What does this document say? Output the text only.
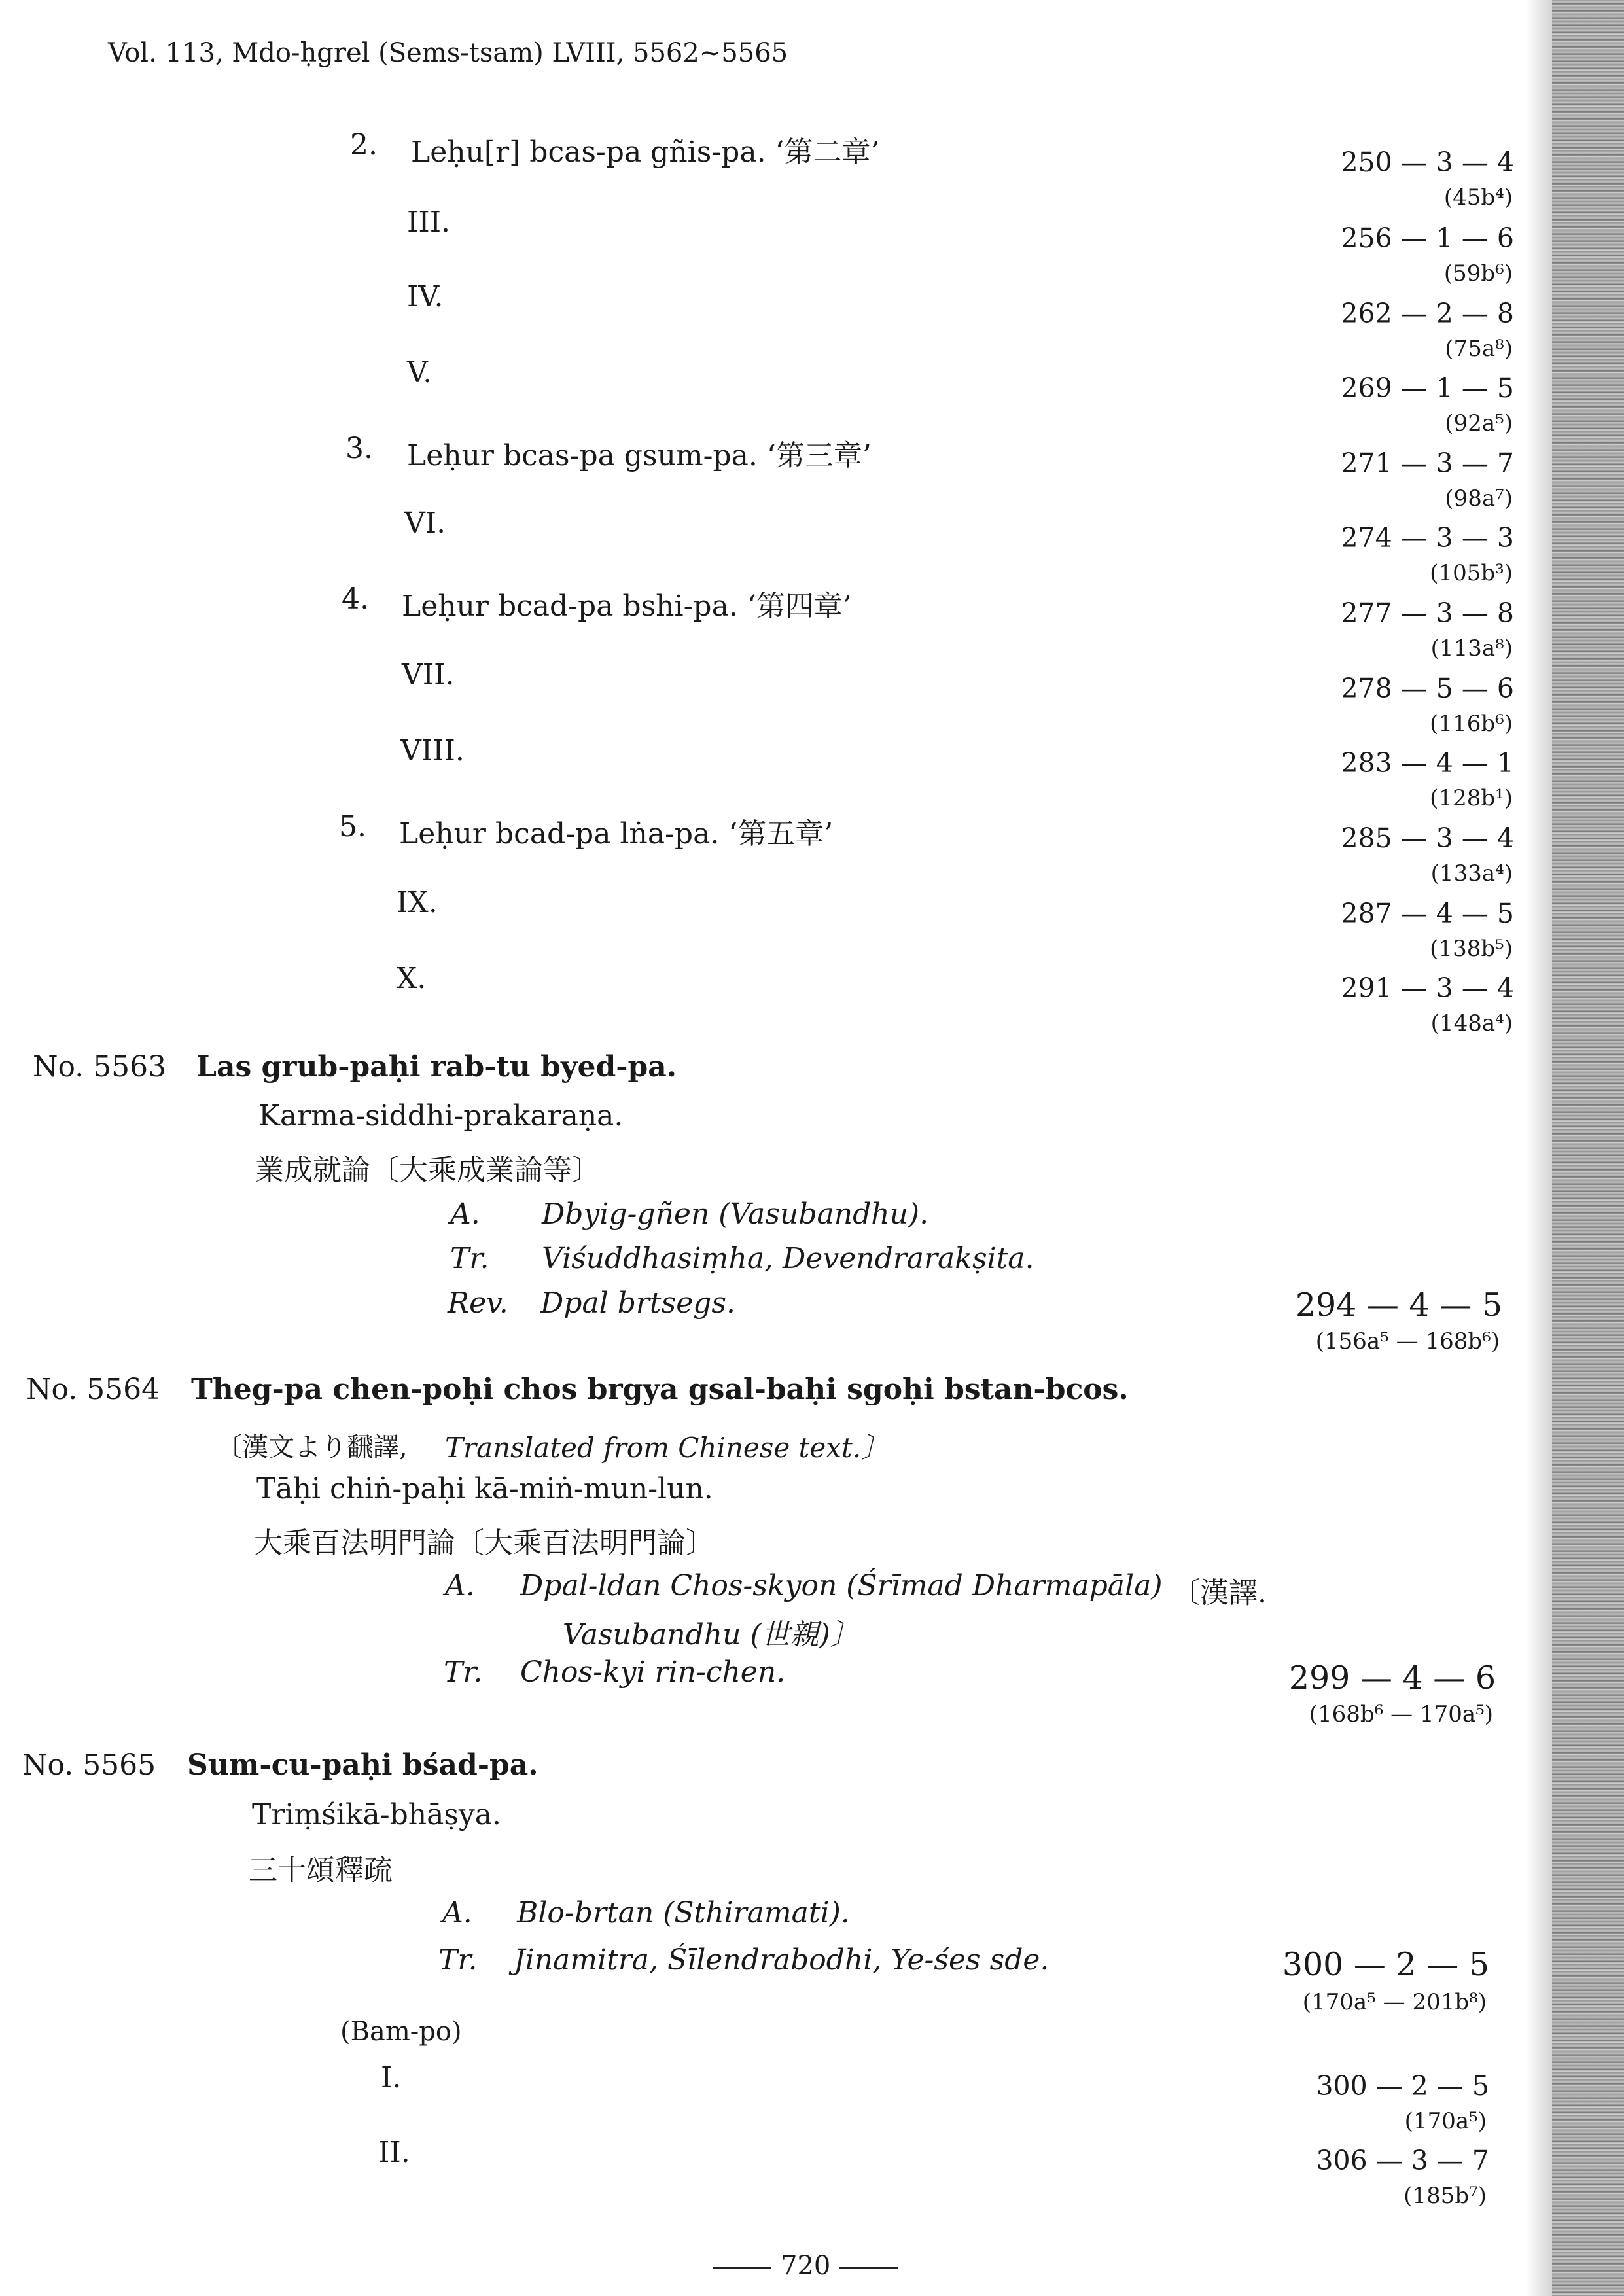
Vol. 113, Mdo-ḥgrel (Sems-tsam) LVIII, 5562∼5565
2. Leḥu[r] bcas-pa gñis-pa. ‘第二章’	250 — 3 — 4
(45b⁴)
III.	256 — 1 — 6
(59b⁶)
IV.	262 — 2 — 8
(75a⁸)
V.	269 — 1 — 5
(92a⁵)
3. Leḥur bcas-pa gsum-pa. ‘第三章’	271 — 3 — 7
(98a⁷)
VI.	274 — 3 — 3
(105b³)
4. Leḥur bcad-pa bshi-pa. ‘第四章’	277 — 3 — 8
(113a⁸)
VII.	278 — 5 — 6
(116b⁶)
VIII.	283 — 4 — 1
(128b¹)
5. Leḥur bcad-pa lṅa-pa. ‘第五章’	285 — 3 — 4
(133a⁴)
IX.	287 — 4 — 5
(138b⁵)
X.	291 — 3 — 4
(148a⁴)
No. 5563 Las grub-paḥi rab-tu byed-pa.
Karma-siddhi-prakaraṇa.
業成就論〔大乘成業論等〕
A. Dbyig-gñen (Vasubandhu).
Tr. Viśuddhasiṃha, Devendrarakṣita.
Rev. Dpal brtsegs.	294 — 4 — 5
(156a⁵ — 168b⁶)
No. 5564 Theg-pa chen-poḥi chos brgya gsal-baḥi sgoḥi bstan-bcos.
〔漢文より飜譯, Translated from Chinese text.〕
Tāḥi chiṅ-paḥi kā-miṅ-mun-lun.
大乘百法明門論〔大乘百法明門論〕
A. Dpal-ldan Chos-skyon (Śrīmad Dharmapāla) 〔漢譯.
Vasubandhu (世親)〕
Tr. Chos-kyi rin-chen.	299 — 4 — 6
(168b⁶ — 170a⁵)
No. 5565 Sum-cu-paḥi bśad-pa.
Triṃśikā-bhāṣya.
三十頌釋疏
A. Blo-brtan (Sthiramati).
Tr. Jinamitra, Śīlendrabodhi, Ye-śes sde.	300 — 2 — 5
(170a⁵ — 201b⁸)
(Bam-po)
I.	300 — 2 — 5
(170a⁵)
II.	306 — 3 — 7
(185b⁷)
720
